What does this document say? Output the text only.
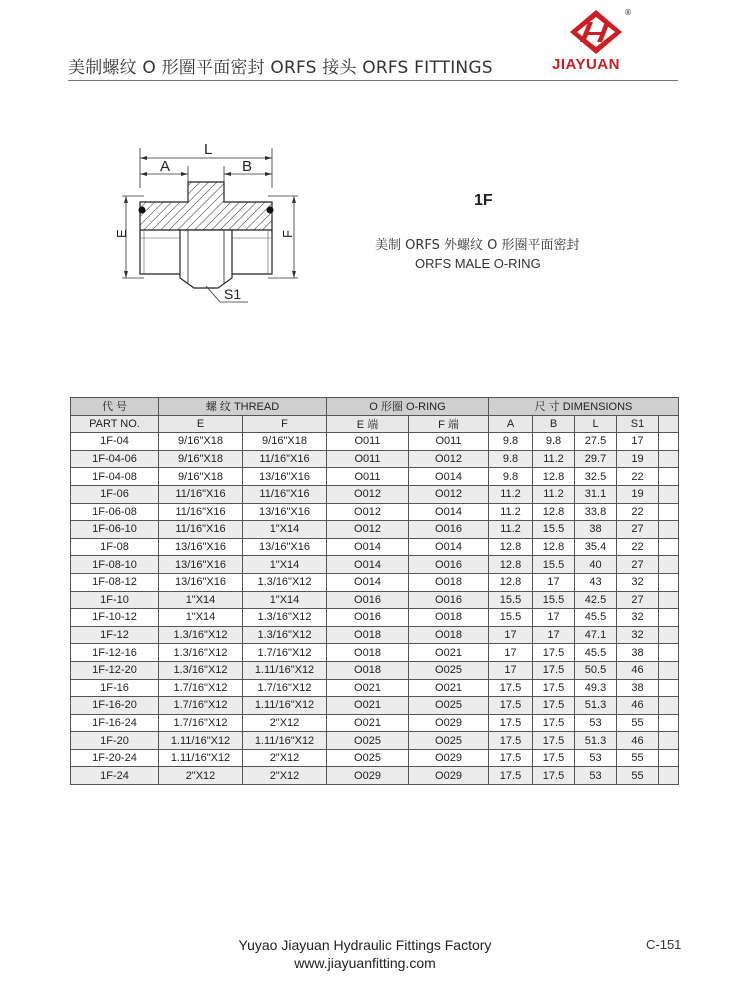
美制螺纹 O 形圈平面密封 ORFS 接头 ORFS FITTINGS
®
JIAYUAN
L
A	B
E	F
S1
1F
美制 ORFS 外螺纹 O 形圈平面密封
ORFS MALE O-RING
代 号	螺 纹 THREAD		O 形圈 O-RING		尺 寸 DIMENSIONS				
PART NO.	E	F	E 端	F 端	A	B	L	S1	
1F-04	9/16"X18	9/16"X18	O011	O011	9.8	9.8	27.5	17	
1F-04-06	9/16"X18	11/16"X16	O011	O012	9.8	11.2	29.7	19	
1F-04-08	9/16"X18	13/16"X16	O011	O014	9.8	12.8	32.5	22	
1F-06	11/16"X16	11/16"X16	O012	O012	11.2	11.2	31.1	19	
1F-06-08	11/16"X16	13/16"X16	O012	O014	11.2	12.8	33.8	22	
1F-06-10	11/16"X16	1"X14	O012	O016	11.2	15.5	38	27	
1F-08	13/16"X16	13/16"X16	O014	O014	12.8	12.8	35.4	22	
1F-08-10	13/16"X16	1"X14	O014	O016	12.8	15.5	40	27	
1F-08-12	13/16"X16	1.3/16"X12	O014	O018	12.8	17	43	32	
1F-10	1"X14	1"X14	O016	O016	15.5	15.5	42.5	27	
1F-10-12	1"X14	1.3/16"X12	O016	O018	15.5	17	45.5	32	
1F-12	1.3/16"X12	1.3/16"X12	O018	O018	17	17	47.1	32	
1F-12-16	1.3/16"X12	1.7/16"X12	O018	O021	17	17.5	45.5	38	
1F-12-20	1.3/16"X12	1.11/16"X12	O018	O025	17	17.5	50.5	46	
1F-16	1.7/16"X12	1.7/16"X12	O021	O021	17.5	17.5	49.3	38	
1F-16-20	1.7/16"X12	1.11/16"X12	O021	O025	17.5	17.5	51.3	46	
1F-16-24	1.7/16"X12	2"X12	O021	O029	17.5	17.5	53	55	
1F-20	1.11/16"X12	1.11/16"X12	O025	O025	17.5	17.5	51.3	46	
1F-20-24	1.11/16"X12	2"X12	O025	O029	17.5	17.5	53	55	
1F-24	2"X12	2"X12	O029	O029	17.5	17.5	53	55	
Yuyao Jiayuan Hydraulic Fittings Factory
www.jiayuanfitting.com
C-151
